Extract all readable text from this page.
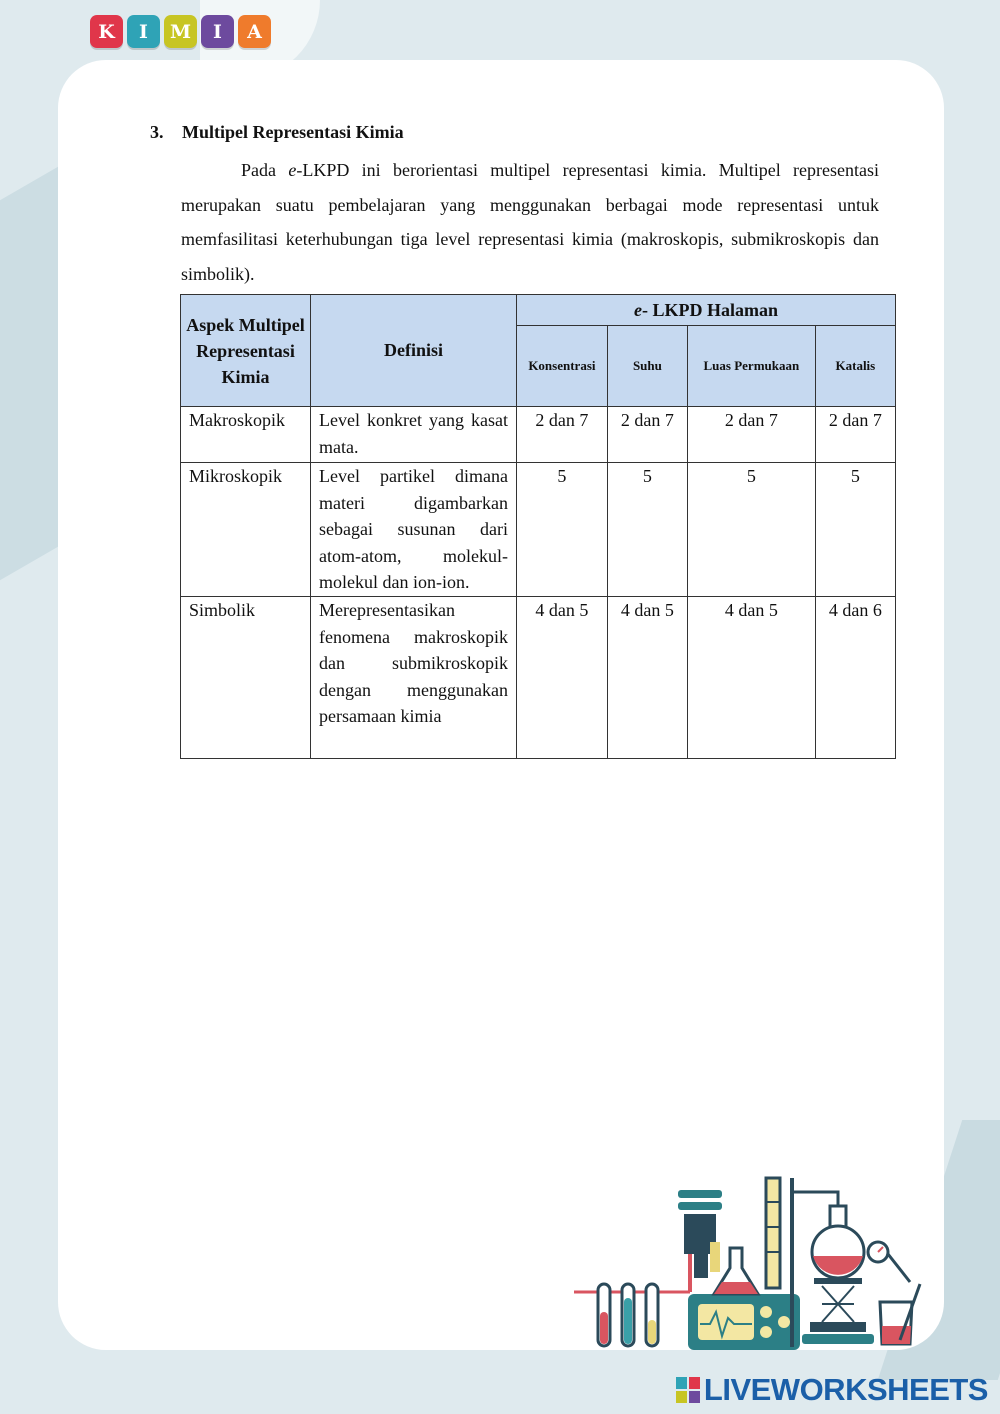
K	I	M	I	A
3. Multipel Representasi Kimia
Pada e-LKPD ini berorientasi multipel representasi kimia. Multipel representasi merupakan suatu pembelajaran yang menggunakan berbagai mode representasi untuk memfasilitasi keterhubungan tiga level representasi kimia (makroskopis, submikroskopis dan simbolik).
Aspek Multipel Representasi Kimia	Definisi	e- LKPD Halaman			
		Konsentrasi	Suhu	Luas Permukaan	Katalis
Makroskopik	Level konkret yang kasat mata.	2 dan 7	2 dan 7	2 dan 7	2 dan 7
Mikroskopik	Level partikel dimana materi digambarkan sebagai susunan dari atom-atom, molekul-molekul dan ion-ion.	5	5	5	5
Simbolik	Merepresentasikan fenomena makroskopik dan submikroskopik dengan menggunakan persamaan kimia	4 dan 5	4 dan 5	4 dan 5	4 dan 6
LIVEWORKSHEETS
